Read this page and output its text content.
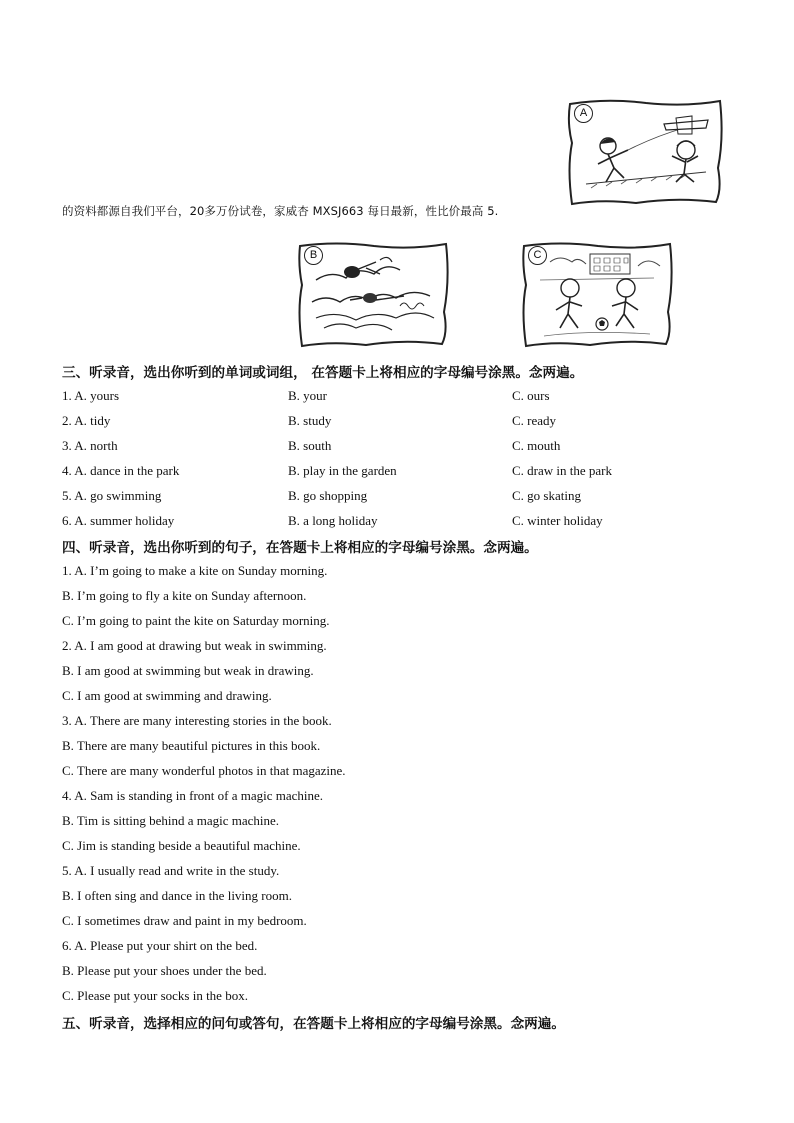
A
的资料都源自我们平台，20多万份试卷，家威杏 MXSJ663 每日最新，性比价最高 5.
B	C
三、听录音，选出你听到的单词或词组， 在答题卡上将相应的字母编号涂黑。念两遍。
1. A. yours	B. your	C. ours
2. A. tidy	B. study	C. ready
3. A. north	B. south	C. mouth
4. A. dance in the park	B. play in the garden	C. draw in the park
5. A. go swimming	B. go shopping	C. go skating
6. A. summer holiday	B. a long holiday	C. winter holiday
四、听录音，选出你听到的句子，在答题卡上将相应的字母编号涂黑。念两遍。
1. A. I’m going to make a kite on Sunday morning.
B. I’m going to fly a kite on Sunday afternoon.
C. I’m going to paint the kite on Saturday morning.
2. A. I am good at drawing but weak in swimming.
B. I am good at swimming but weak in drawing.
C. I am good at swimming and drawing.
3. A. There are many interesting stories in the book.
B. There are many beautiful pictures in this book.
C. There are many wonderful photos in that magazine.
4. A. Sam is standing in front of a magic machine.
B. Tim is sitting behind a magic machine.
C. Jim is standing beside a beautiful machine.
5. A. I usually read and write in the study.
B. I often sing and dance in the living room.
C. I sometimes draw and paint in my bedroom.
6. A. Please put your shirt on the bed.
B. Please put your shoes under the bed.
C. Please put your socks in the box.
五、听录音，选择相应的问句或答句，在答题卡上将相应的字母编号涂黑。念两遍。
